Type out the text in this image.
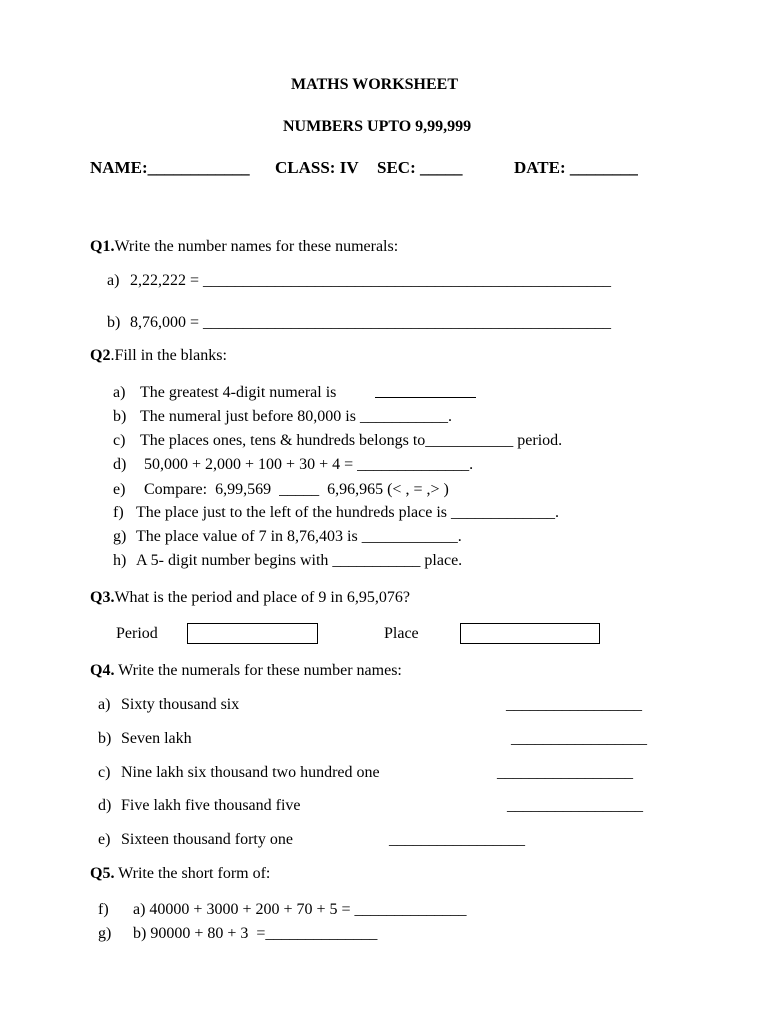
MATHS WORKSHEET
NUMBERS UPTO 9,99,999
NAME:____________ CLASS: IV SEC: _____	DATE: ________
Q1.Write the number names for these numerals:
a) 2,22,222 = ___________________________________________________
b) 8,76,000 = ___________________________________________________
Q2.Fill in the blanks:
a) The greatest 4-digit numeral is
b) The numeral just before 80,000 is ___________.
c) The places ones, tens & hundreds belongs to___________ period.
d) 50,000 + 2,000 + 100 + 30 + 4 = ______________.
e) Compare:  6,99,569  _____  6,96,965 (< , = ,> )
f) The place just to the left of the hundreds place is _____________.
g) The place value of 7 in 8,76,403 is ____________.
h) A 5- digit number begins with ___________ place.
Q3.What is the period and place of 9 in 6,95,076?
Period	Place
Q4. Write the numerals for these number names:
a) Sixty thousand six	_________________
b) Seven lakh	_________________
c) Nine lakh six thousand two hundred one	_________________
d) Five lakh five thousand five	_________________
e) Sixteen thousand forty one	_________________
Q5. Write the short form of:
f) a) 40000 + 3000 + 200 + 70 + 5 = ______________
g) b) 90000 + 80 + 3  =______________
